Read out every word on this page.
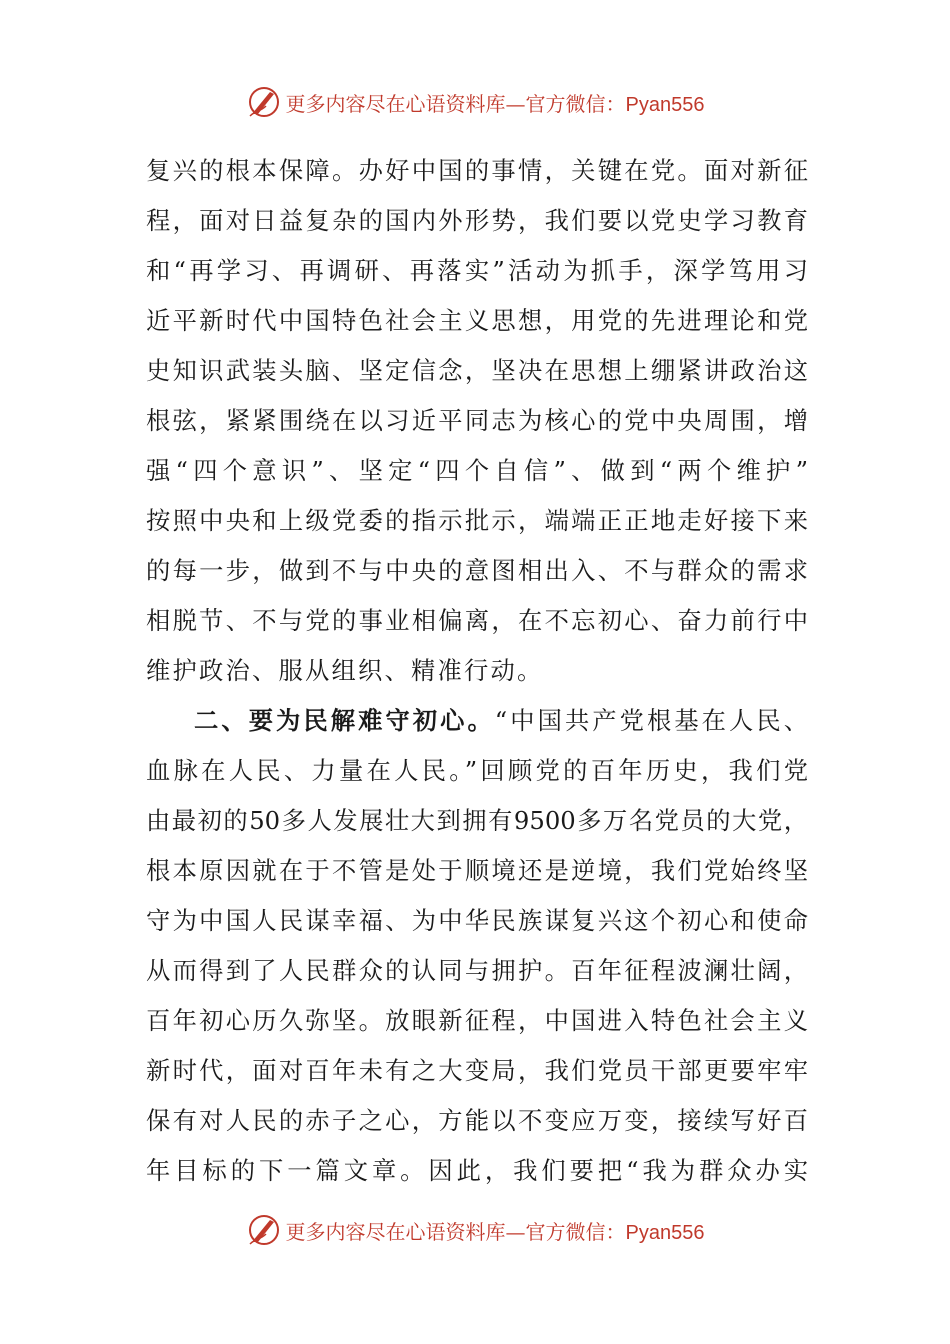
更多内容尽在心语资料库—官方微信：Pyan556
复兴的根本保障。办好中国的事情，关键在党。面对新征
程，面对日益复杂的国内外形势，我们要以党史学习教育
和“再学习、再调研、再落实”活动为抓手，深学笃用习
近平新时代中国特色社会主义思想，用党的先进理论和党
史知识武装头脑、坚定信念，坚决在思想上绷紧讲政治这
根弦，紧紧围绕在以习近平同志为核心的党中央周围，增
强“四个意识”、坚定“四个自信”、做到“两个维护”
按照中央和上级党委的指示批示，端端正正地走好接下来
的每一步，做到不与中央的意图相出入、不与群众的需求
相脱节、不与党的事业相偏离，在不忘初心、奋力前行中
维护政治、服从组织、精准行动。
二、要为民解难守初心。“中国共产党根基在人民、
血脉在人民、力量在人民。”回顾党的百年历史，我们党
由最初的50多人发展壮大到拥有9500多万名党员的大党，
根本原因就在于不管是处于顺境还是逆境，我们党始终坚
守为中国人民谋幸福、为中华民族谋复兴这个初心和使命
从而得到了人民群众的认同与拥护。百年征程波澜壮阔，
百年初心历久弥坚。放眼新征程，中国进入特色社会主义
新时代，面对百年未有之大变局，我们党员干部更要牢牢
保有对人民的赤子之心，方能以不变应万变，接续写好百
年目标的下一篇文章。因此，我们要把“我为群众办实
更多内容尽在心语资料库—官方微信：Pyan556
